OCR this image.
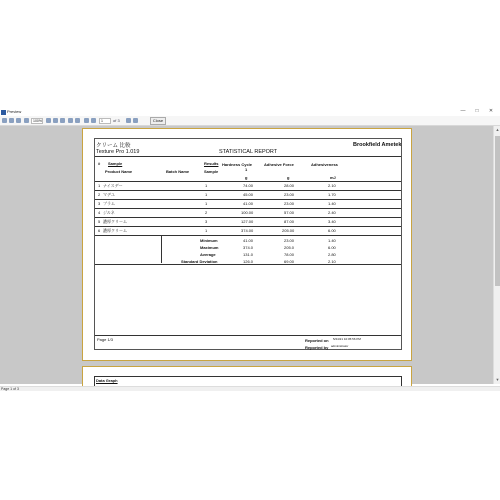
Preview	—	□	✕
100%	1	of 3	Close
▲
▼
クリーム 比較
Texture Pro 1.019	STATISTICAL REPORT
Brookfield Ametek
# Sample
Product Name	Batch Name
Results
Sample
Hardness Cycle
1
g
Adhesive Force
g
Adhesiveness
mJ
1 ナイスデー	1	74.00	28.00	2.10
2 マデユ	1	45.00	23.00	1.70
3 プラム	1	41.00	23.00	1.40
4 ジルネ	2	100.00	57.00	2.40
5 濃厚クリーム	3	127.00	87.00	3.40
6 濃厚クリーム	1	374.00	205.00	6.00
Minimum	41.00	23.00	1.40
Maximum	374.0	205.0	6.00
Average	131.0	78.00	2.80
Standard Deviation	126.0	69.00	2.10
Page 1/3	Reported on 5/24/21 10:05:56 PM
Reported by administrator
Data Graph
Page 1 of 3
